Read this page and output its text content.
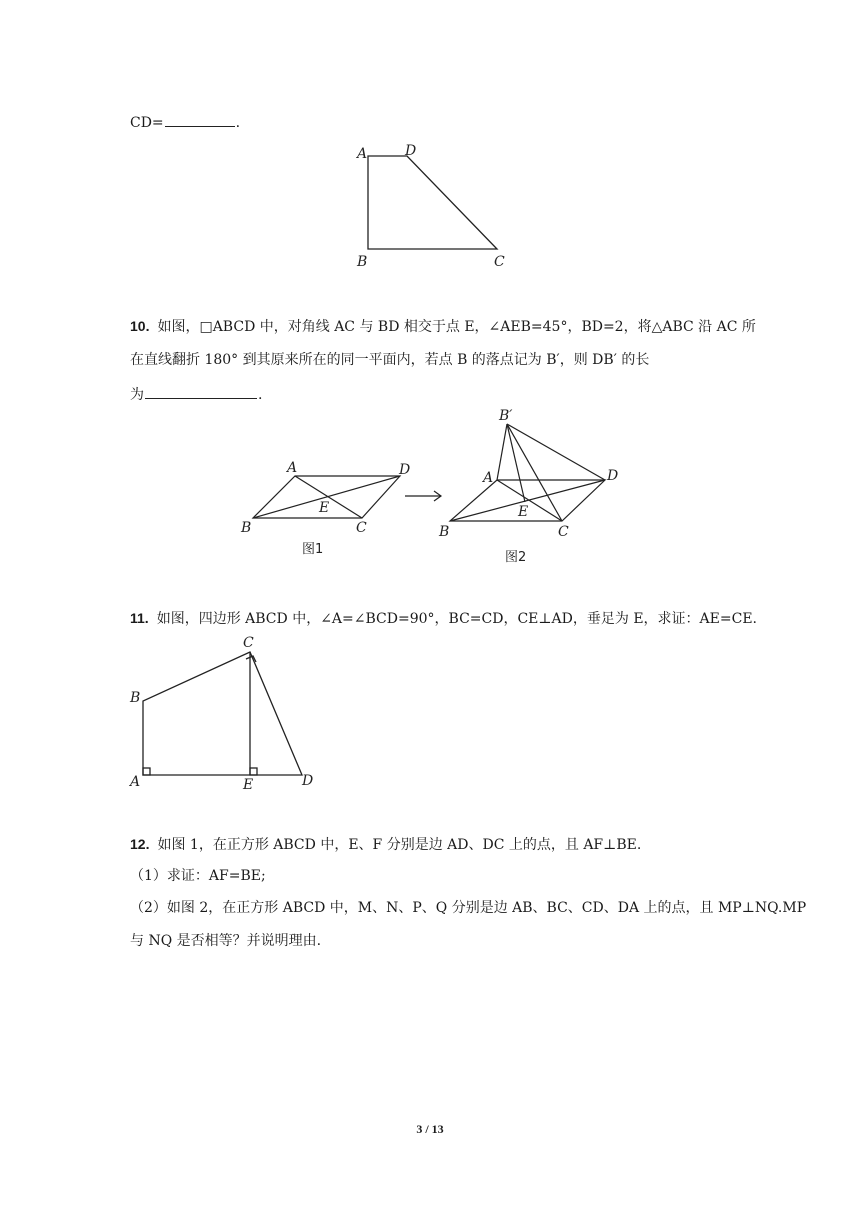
CD=	.
A	D
B	C
10. 如图，□ABCD 中，对角线 AC 与 BD 相交于点 E，∠AEB=45°，BD=2，将△ABC 沿 AC 所
在直线翻折 180° 到其原来所在的同一平面内，若点 B 的落点记为 B′，则 DB′ 的长
为	.
A	D
E
B	C
图1
B′
A	D
E
B	C
图2
11. 如图，四边形 ABCD 中，∠A=∠BCD=90°，BC=CD，CE⊥AD，垂足为 E，求证：AE=CE.
C
B
A	E	D
12. 如图 1，在正方形 ABCD 中，E、F 分别是边 AD、DC 上的点，且 AF⊥BE.
（1）求证：AF=BE;
（2）如图 2，在正方形 ABCD 中，M、N、P、Q 分别是边 AB、BC、CD、DA 上的点，且 MP⊥NQ.MP
与 NQ 是否相等？并说明理由.
3 / 13
